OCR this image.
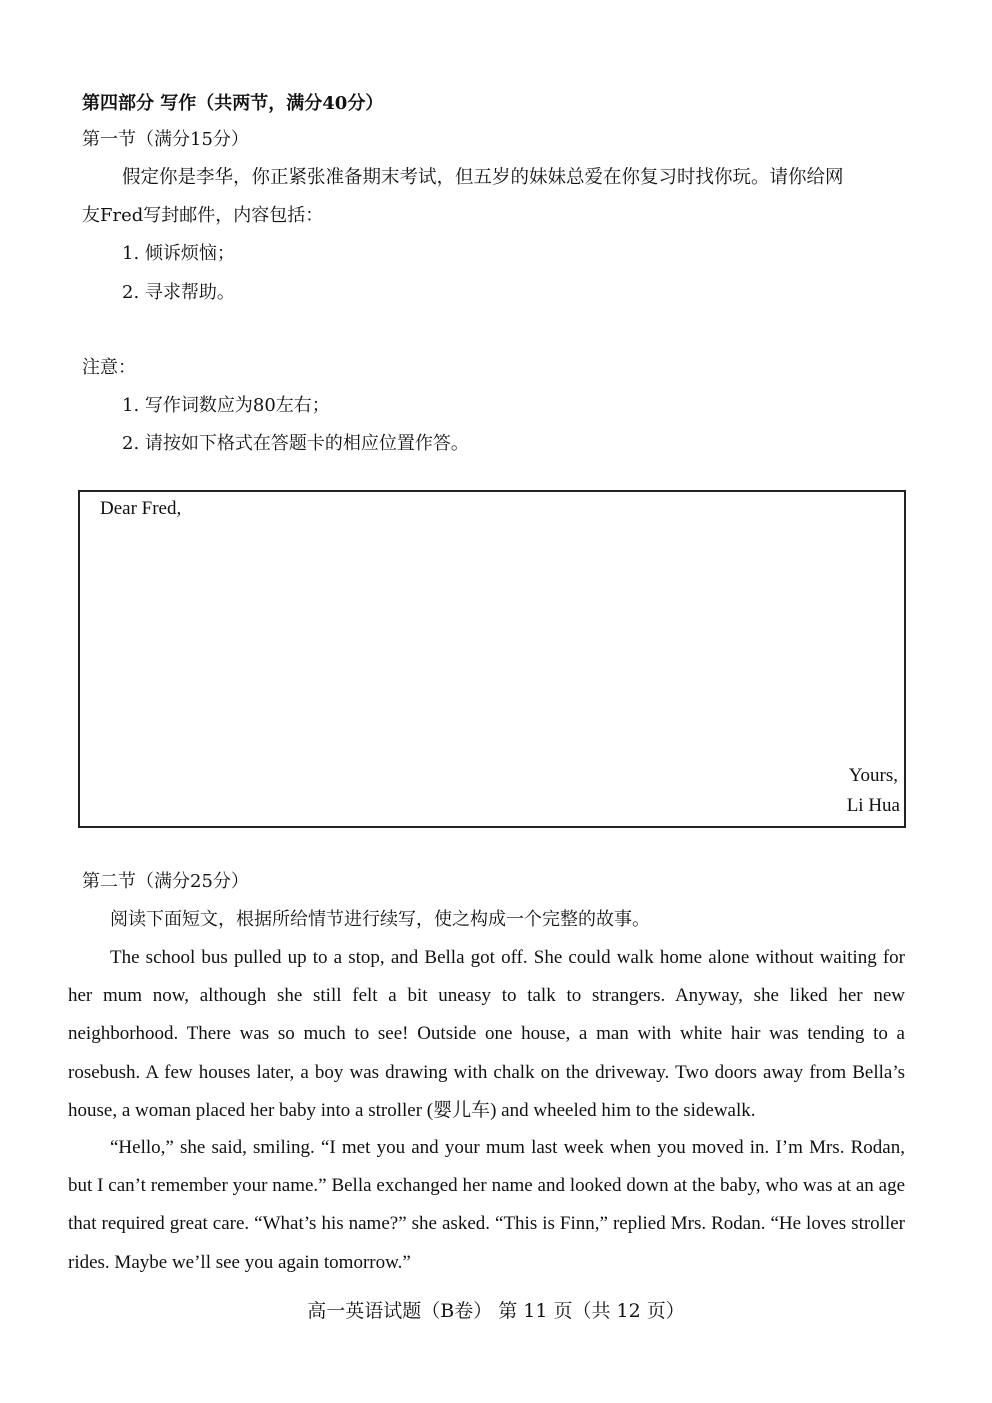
第四部分 写作（共两节，满分40分）
第一节（满分15分）
假定你是李华，你正紧张准备期末考试，但五岁的妹妹总爱在你复习时找你玩。请你给网
友Fred写封邮件，内容包括：
1. 倾诉烦恼；
2. 寻求帮助。
注意：
1. 写作词数应为80左右；
2. 请按如下格式在答题卡的相应位置作答。
Dear Fred,
Yours,
Li Hua
第二节（满分25分）
阅读下面短文，根据所给情节进行续写，使之构成一个完整的故事。
The school bus pulled up to a stop, and Bella got off. She could walk home alone without waiting for her mum now, although she still felt a bit uneasy to talk to strangers. Anyway, she liked her new neighborhood. There was so much to see! Outside one house, a man with white hair was tending to a rosebush. A few houses later, a boy was drawing with chalk on the driveway. Two doors away from Bella’s house, a woman placed her baby into a stroller (婴儿车) and wheeled him to the sidewalk.
“Hello,” she said, smiling. “I met you and your mum last week when you moved in. I’m Mrs. Rodan, but I can’t remember your name.” Bella exchanged her name and looked down at the baby, who was at an age that required great care. “What’s his name?” she asked. “This is Finn,” replied Mrs. Rodan. “He loves stroller rides. Maybe we’ll see you again tomorrow.”
高一英语试题（B卷） 第 11 页（共 12 页）
